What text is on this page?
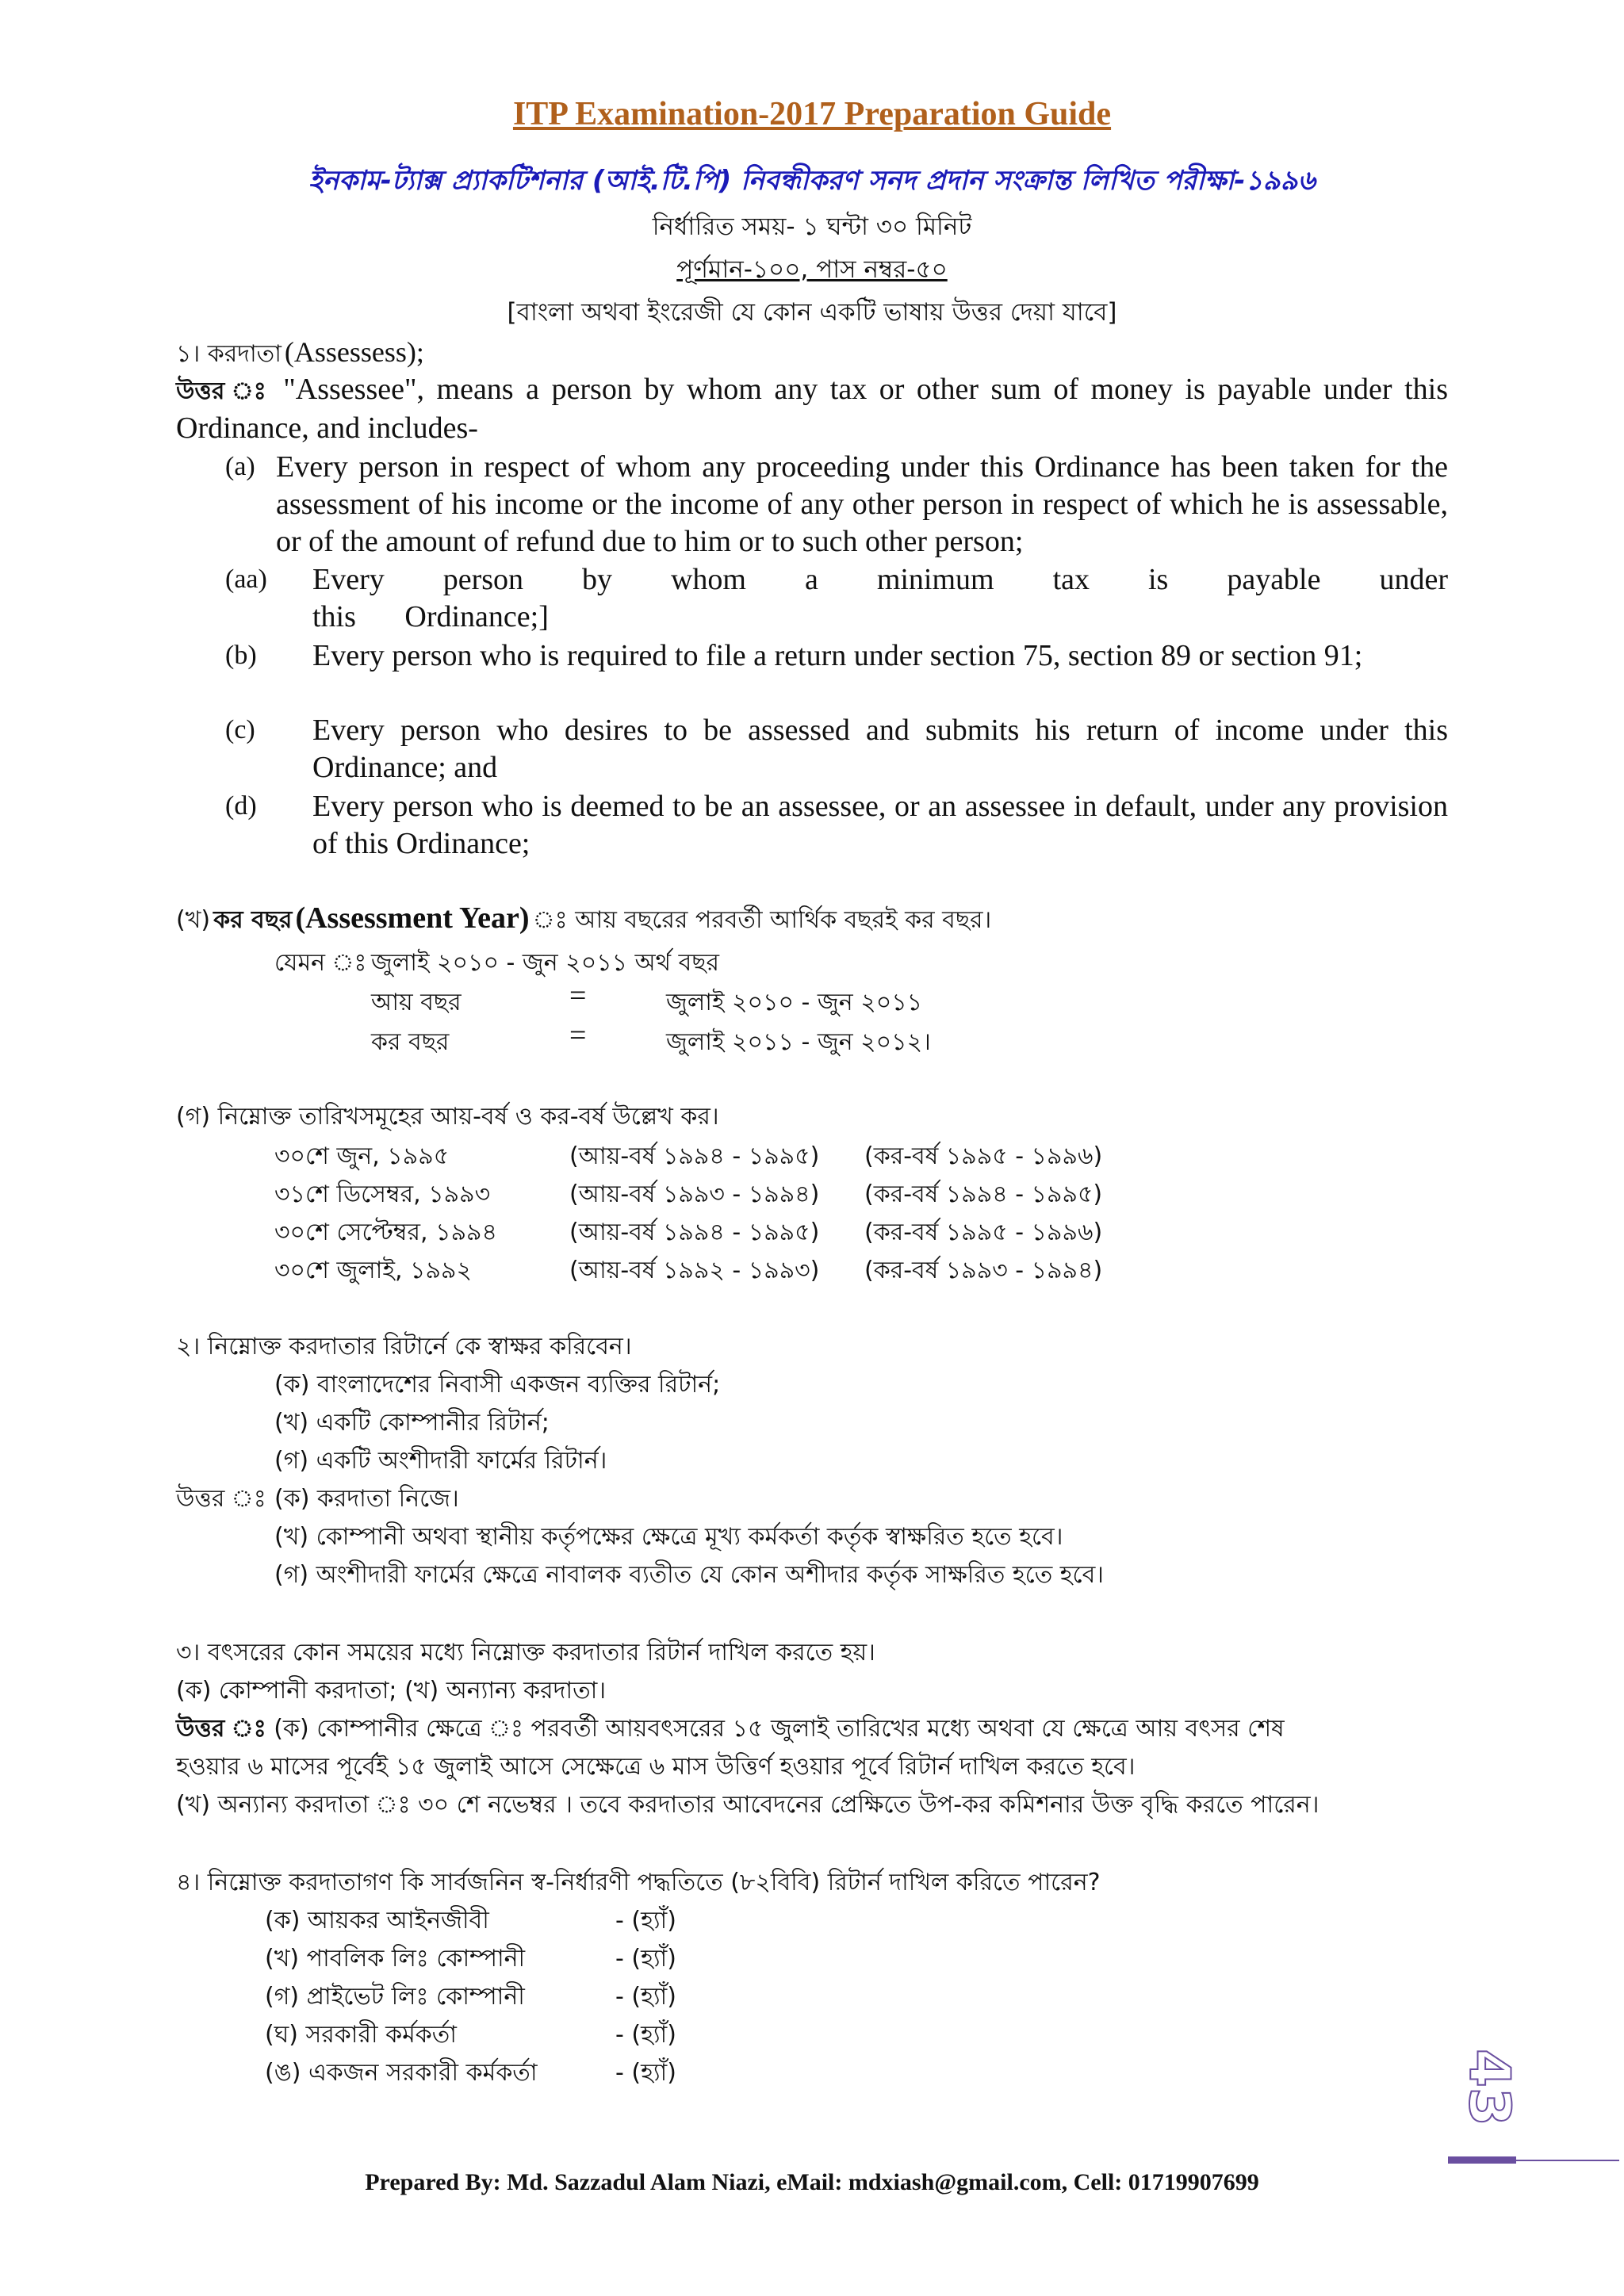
ITP Examination-2017 Preparation Guide
ইনকাম-ট্যাক্স প্র্যাকটিশনার (আই.টি.পি) নিবন্ধীকরণ সনদ প্রদান সংক্রান্ত লিখিত পরীক্ষা-১৯৯৬
নির্ধারিত সময়- ১ ঘন্টা ৩০ মিনিট
পূর্ণমান-১০০, পাস নম্বর-৫০
[বাংলা অথবা ইংরেজী যে কোন একটি ভাষায় উত্তর দেয়া যাবে]
১। করদাতা (Assessess);
উত্তর ঃ "Assessee", means a person by whom any tax or other sum of money is payable under this Ordinance, and includes-
(a) Every person in respect of whom any proceeding under this Ordinance has been taken for the assessment of his income or the income of any other person in respect of which he is assessable, or of the amount of refund due to him or to such other person;
(aa) Every person by whom a minimum tax is payable under this Ordinance;]
(b) Every person who is required to file a return under section 75, section 89 or section 91;
(c) Every person who desires to be assessed and submits his return of income under this Ordinance; and
(d) Every person who is deemed to be an assessee, or an assessee in default, under any provision of this Ordinance;
(খ) কর বছর (Assessment Year) ঃ আয় বছরের পরবর্তী আর্থিক বছরই কর বছর।
যেমন ঃ জুলাই ২০১০ - জুন ২০১১ অর্থ বছর
আয় বছর	=	জুলাই ২০১০ - জুন ২০১১
কর বছর	=	জুলাই ২০১১ - জুন ২০১২।
(গ) নিম্নোক্ত তারিখসমূহের আয়-বর্ষ ও কর-বর্ষ উল্লেখ কর।
৩০শে জুন, ১৯৯৫	(আয়-বর্ষ ১৯৯৪ - ১৯৯৫) (কর-বর্ষ ১৯৯৫ - ১৯৯৬)
৩১শে ডিসেম্বর, ১৯৯৩	(আয়-বর্ষ ১৯৯৩ - ১৯৯৪) (কর-বর্ষ ১৯৯৪ - ১৯৯৫)
৩০শে সেপ্টেম্বর, ১৯৯৪	(আয়-বর্ষ ১৯৯৪ - ১৯৯৫) (কর-বর্ষ ১৯৯৫ - ১৯৯৬)
৩০শে জুলাই, ১৯৯২	(আয়-বর্ষ ১৯৯২ - ১৯৯৩) (কর-বর্ষ ১৯৯৩ - ১৯৯৪)
২। নিম্নোক্ত করদাতার রিটার্নে কে স্বাক্ষর করিবেন।
(ক) বাংলাদেশের নিবাসী একজন ব্যক্তির রিটার্ন;
(খ) একটি কোম্পানীর রিটার্ন;
(গ) একটি অংশীদারী ফার্মের রিটার্ন।
উত্তর ঃ (ক) করদাতা নিজে।
(খ) কোম্পানী অথবা স্থানীয় কর্তৃপক্ষের ক্ষেত্রে মূখ্য কর্মকর্তা কর্তৃক স্বাক্ষরিত হতে হবে।
(গ) অংশীদারী ফার্মের ক্ষেত্রে নাবালক ব্যতীত যে কোন অশীদার কর্তৃক সাক্ষরিত হতে হবে।
৩। বৎসরের কোন সময়ের মধ্যে নিম্নোক্ত করদাতার রিটার্ন দাখিল করতে হয়।
(ক) কোম্পানী করদাতা; (খ) অন্যান্য করদাতা।
উত্তর ঃ (ক) কোম্পানীর ক্ষেত্রে ঃ পরবর্তী আয়বৎসরের ১৫ জুলাই তারিখের মধ্যে অথবা যে ক্ষেত্রে আয় বৎসর শেষ
হওয়ার ৬ মাসের পূর্বেই ১৫ জুলাই আসে সেক্ষেত্রে ৬ মাস উত্তির্ণ হওয়ার পূর্বে রিটার্ন দাখিল করতে হবে।
(খ) অন্যান্য করদাতা ঃ ৩০ শে নভেম্বর । তবে করদাতার আবেদনের প্রেক্ষিতে উপ-কর কমিশনার উক্ত বৃদ্ধি করতে পারেন।
৪। নিম্নোক্ত করদাতাগণ কি সার্বজনিন স্ব-নির্ধারণী পদ্ধতিতে (৮২বিবি) রিটার্ন দাখিল করিতে পারেন?
(ক) আয়কর আইনজীবী	- (হ্যাঁ)
(খ) পাবলিক লিঃ কোম্পানী	- (হ্যাঁ)
(গ) প্রাইভেট লিঃ কোম্পানী	- (হ্যাঁ)
(ঘ) সরকারী কর্মকর্তা	- (হ্যাঁ)
(ঙ) একজন সরকারী কর্মকর্তা	- (হ্যাঁ)	43
Prepared By: Md. Sazzadul Alam Niazi, eMail: mdxiash@gmail.com, Cell: 01719907699
